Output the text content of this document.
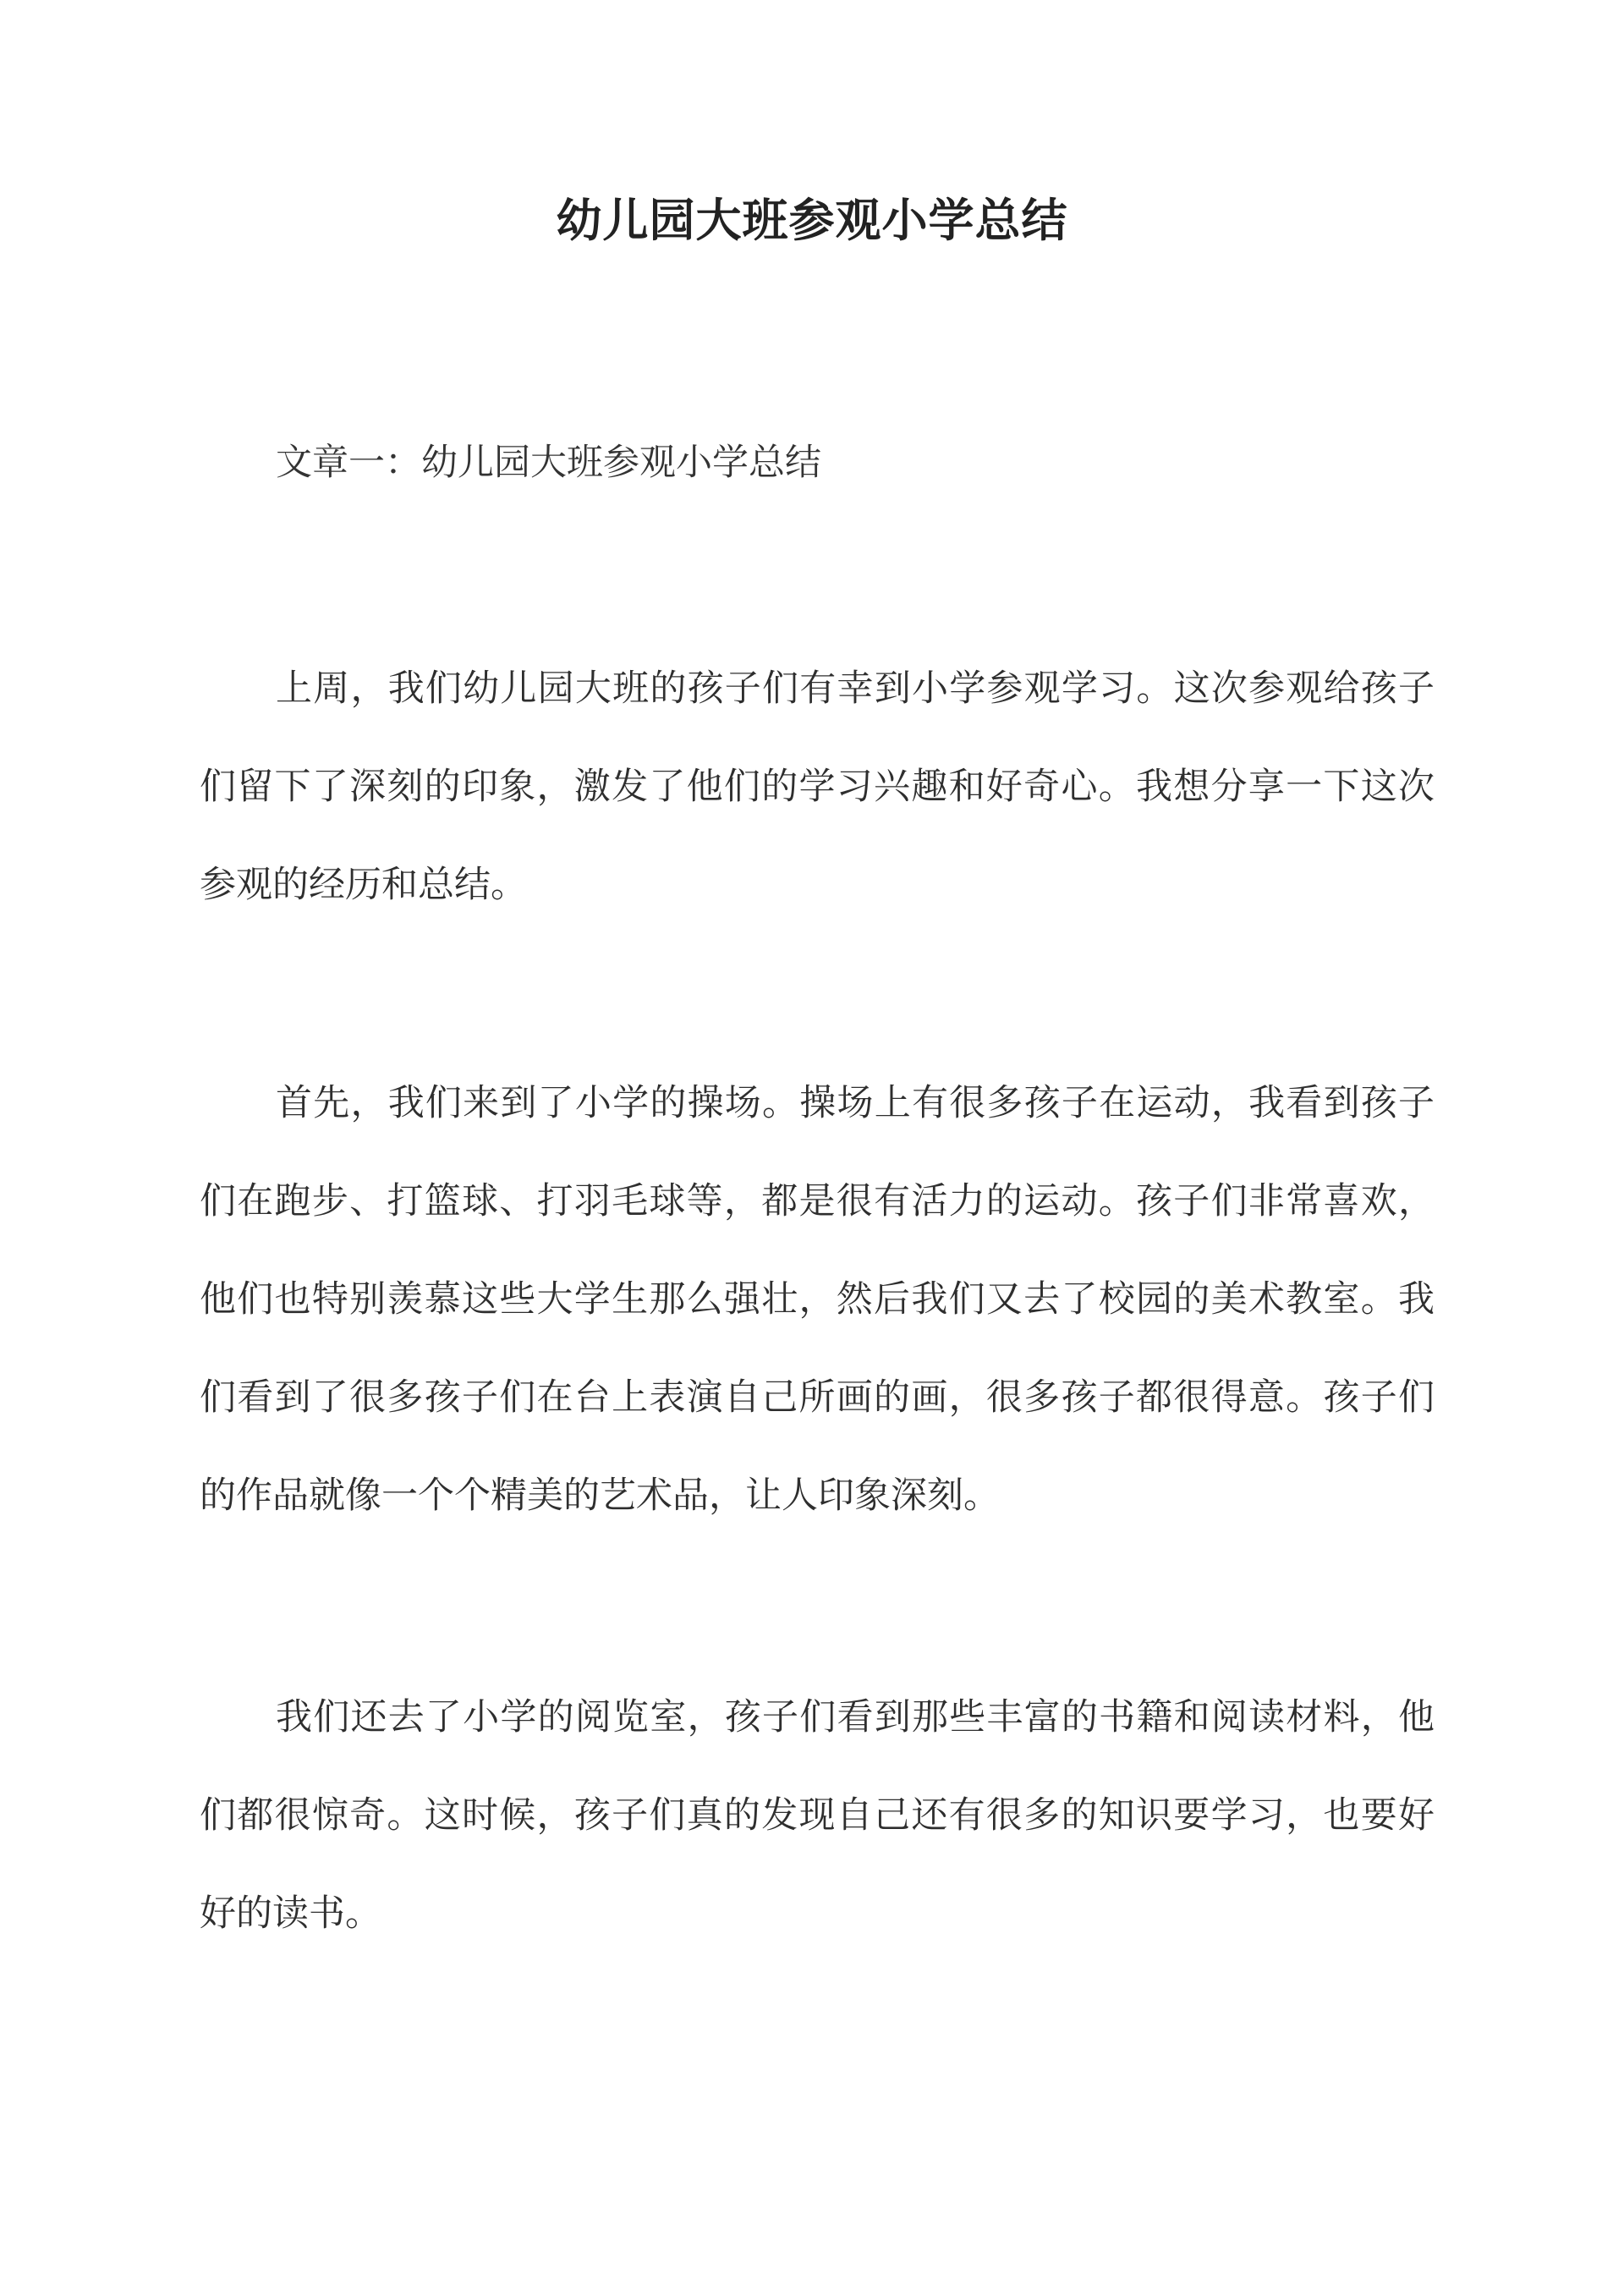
幼儿园大班参观小学总结

文章一：幼儿园大班参观小学总结

上周，我们幼儿园大班的孩子们有幸到小学参观学习。这次参观给孩子们留下了深刻的印象，激发了他们的学习兴趣和好奇心。我想分享一下这次参观的经历和总结。

首先，我们来到了小学的操场。操场上有很多孩子在运动，我看到孩子们在跑步、打篮球、打羽毛球等，都是很有活力的运动。孩子们非常喜欢，他们也特别羡慕这些大学生那么强壮，然后我们又去了校园的美术教室。我们看到了很多孩子们在台上表演自己所画的画，很多孩子都很得意。孩子们的作品就像一个个精美的艺术品，让人印象深刻。

我们还去了小学的阅览室，孩子们看到那些丰富的书籍和阅读材料，他们都很惊奇。这时候，孩子们真的发现自己还有很多的知识要学习，也要好好的读书。
